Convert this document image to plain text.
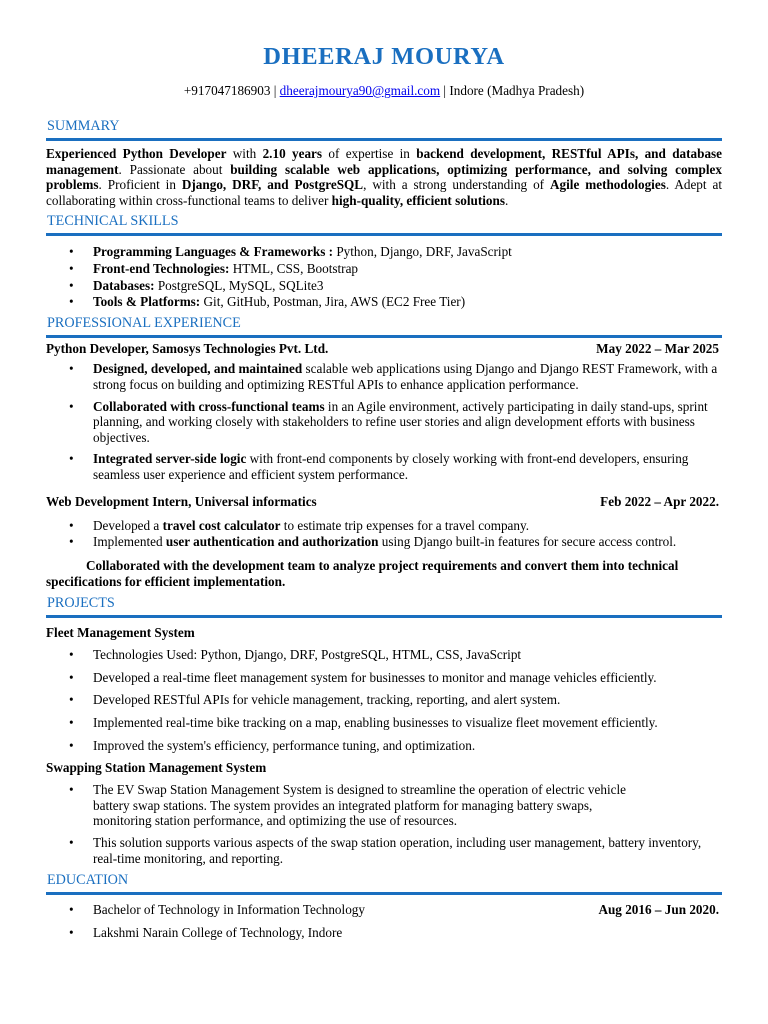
DHEERAJ MOURYA
+917047186903 | dheerajmourya90@gmail.com | Indore (Madhya Pradesh)
SUMMARY
Experienced Python Developer with 2.10 years of expertise in backend development, RESTful APIs, and database management. Passionate about building scalable web applications, optimizing performance, and solving complex problems. Proficient in Django, DRF, and PostgreSQL, with a strong understanding of Agile methodologies. Adept at collaborating within cross-functional teams to deliver high-quality, efficient solutions.
TECHNICAL SKILLS
• Programming Languages & Frameworks : Python, Django, DRF, JavaScript
• Front-end Technologies: HTML, CSS, Bootstrap
• Databases: PostgreSQL, MySQL, SQLite3
• Tools & Platforms: Git, GitHub, Postman, Jira, AWS (EC2 Free Tier)
PROFESSIONAL EXPERIENCE
Python Developer, Samosys Technologies Pvt. Ltd.	May 2022 – Mar 2025
• Designed, developed, and maintained scalable web applications using Django and Django REST Framework, with a strong focus on building and optimizing RESTful APIs to enhance application performance.
• Collaborated with cross-functional teams in an Agile environment, actively participating in daily stand-ups, sprint planning, and working closely with stakeholders to refine user stories and align development efforts with business objectives.
• Integrated server-side logic with front-end components by closely working with front-end developers, ensuring seamless user experience and efficient system performance.
Web Development Intern, Universal informatics	Feb 2022 – Apr 2022.
• Developed a travel cost calculator to estimate trip expenses for a travel company.
• Implemented user authentication and authorization using Django built-in features for secure access control.
Collaborated with the development team to analyze project requirements and convert them into technical specifications for efficient implementation.
PROJECTS
Fleet Management System
• Technologies Used: Python, Django, DRF, PostgreSQL, HTML, CSS, JavaScript
• Developed a real-time fleet management system for businesses to monitor and manage vehicles efficiently.
• Developed RESTful APIs for vehicle management, tracking, reporting, and alert system.
• Implemented real-time bike tracking on a map, enabling businesses to visualize fleet movement efficiently.
• Improved the system's efficiency, performance tuning, and optimization.
Swapping Station Management System
• The EV Swap Station Management System is designed to streamline the operation of electric vehicle battery swap stations. The system provides an integrated platform for managing battery swaps, monitoring station performance, and optimizing the use of resources.
• This solution supports various aspects of the swap station operation, including user management, battery inventory, real-time monitoring, and reporting.
EDUCATION
• Bachelor of Technology in Information Technology	Aug 2016 – Jun 2020.
• Lakshmi Narain College of Technology, Indore
